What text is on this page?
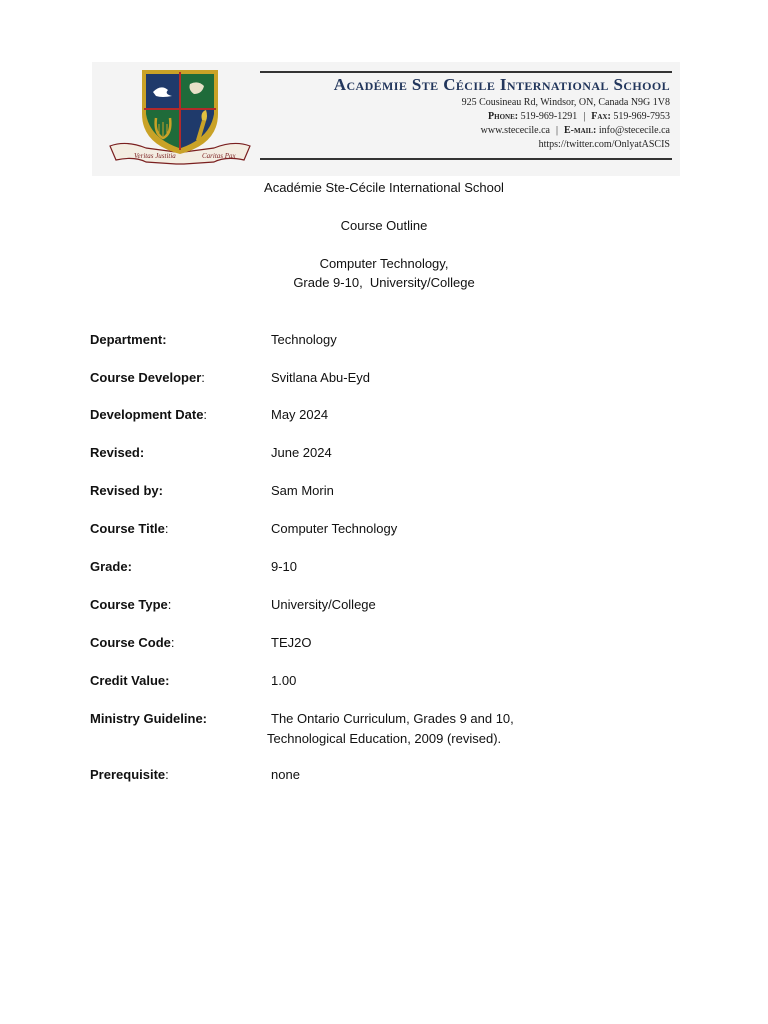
Veritas Justitia	Caritas Pax
Académie Ste Cécile International School
925 Cousineau Rd, Windsor, ON, Canada N9G 1V8
Phone: 519-969-1291 | Fax: 519-969-7953
www.stececile.ca | E-mail: info@stececile.ca
https://twitter.com/OnlyatASCIS
Académie Ste-Cécile International School
Course Outline
Computer Technology,
Grade 9-10,  University/College
Department:	Technology
Course Developer:	Svitlana Abu-Eyd
Development Date:	May 2024
Revised:	June 2024
Revised by:	Sam Morin
Course Title:	Computer Technology
Grade:	9-10
Course Type:	University/College
Course Code:	TEJ2O
Credit Value:	1.00
Ministry Guideline:	The Ontario Curriculum, Grades 9 and 10,
Technological Education, 2009 (revised).
Prerequisite:	none
